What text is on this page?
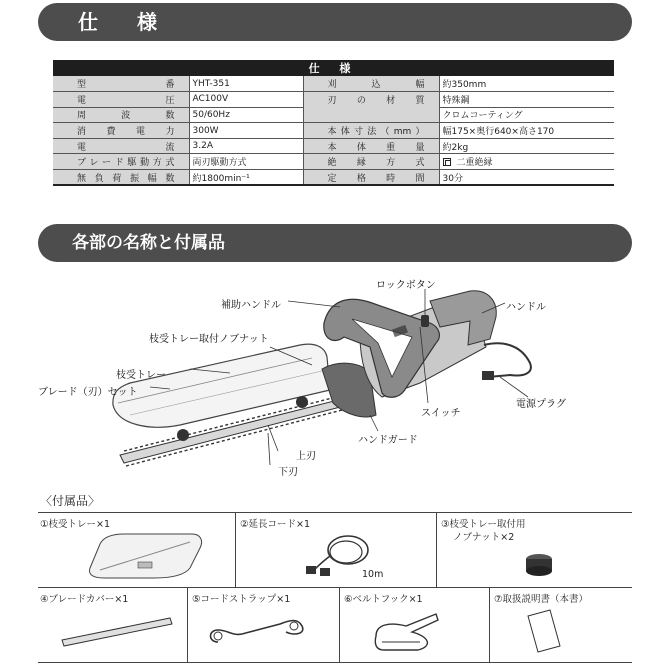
仕 様
仕 様			
型　　番	YHT-351	刈　込　幅	約350mm
電　　圧	AC100V	刃の材質	特殊鋼
周波数	50/60Hz		クロムコーティング
消費電力	300W	本体寸法（mm）	幅175×奥行640×高さ170
電　　流	3.2A	本体重量	約2kg
ブレード駆動方式	両刃駆動方式	絶縁方式	二重絶縁
無負荷振幅数	約1800min⁻¹	定格時間	30分
各部の名称と付属品
ロックボタン
補助ハンドル	ハンドル
枝受トレー取付ノブナット
枝受トレー
ブレード（刃）セット
スイッチ
電源プラグ
ハンドガード
上刃
下刃
〈付属品〉
①枝受トレー×1	②延長コード×1	③枝受トレー取付用
ノブナット×2
④ブレードカバー×1	⑤コードストラップ×1	⑥ベルトフック×1	⑦取扱説明書（本書）
10m
